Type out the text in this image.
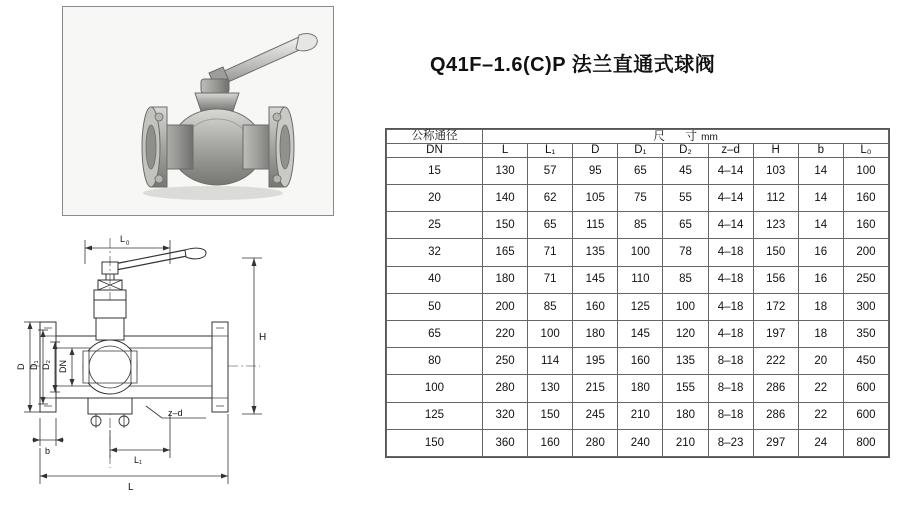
Q41F–1.6(C)P 法兰直通式球阀
L 0
H
DN
D D₁ D₂
z–d
b
L₁
L
公称通径	尺　寸mm								
DN	L	L₁	D	D₁	D₂	z–d	H	b	L₀
15	130	57	95	65	45	4–14	103	14	100
20	140	62	105	75	55	4–14	112	14	160
25	150	65	115	85	65	4–14	123	14	160
32	165	71	135	100	78	4–18	150	16	200
40	180	71	145	110	85	4–18	156	16	250
50	200	85	160	125	100	4–18	172	18	300
65	220	100	180	145	120	4–18	197	18	350
80	250	114	195	160	135	8–18	222	20	450
100	280	130	215	180	155	8–18	286	22	600
125	320	150	245	210	180	8–18	286	22	600
150	360	160	280	240	210	8–23	297	24	800
